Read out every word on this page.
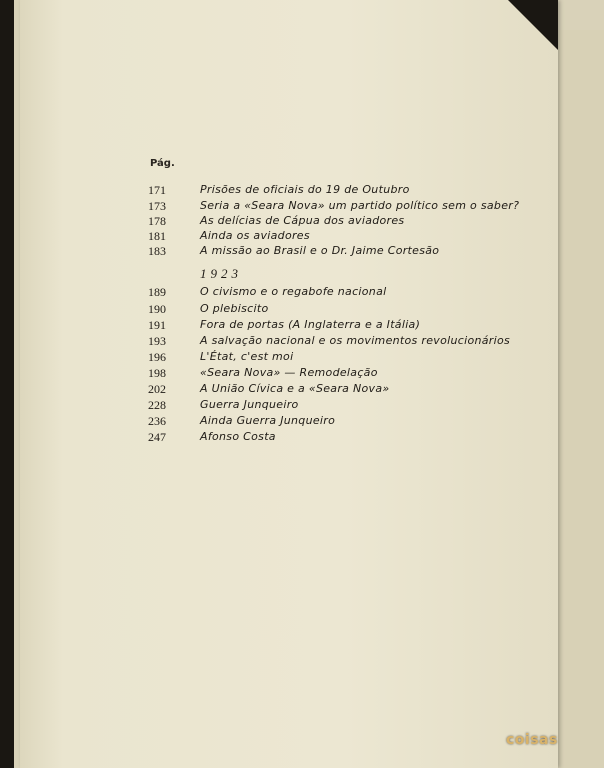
Pág.
171	Prisões de oficiais do 19 de Outubro
173	Seria a «Seara Nova» um partido político sem o saber?
178	As delícias de Cápua dos aviadores
181	Ainda os aviadores
183	A missão ao Brasil e o Dr. Jaime Cortesão
1923
189	O civismo e o regabofe nacional
190	O plebiscito
191	Fora de portas (A Inglaterra e a Itália)
193	A salvação nacional e os movimentos revolucionários
196	L'État, c'est moi
198	«Seara Nova» — Remodelação
202	A União Cívica e a «Seara Nova»
228	Guerra Junqueiro
236	Ainda Guerra Junqueiro
247	Afonso Costa
coisas
